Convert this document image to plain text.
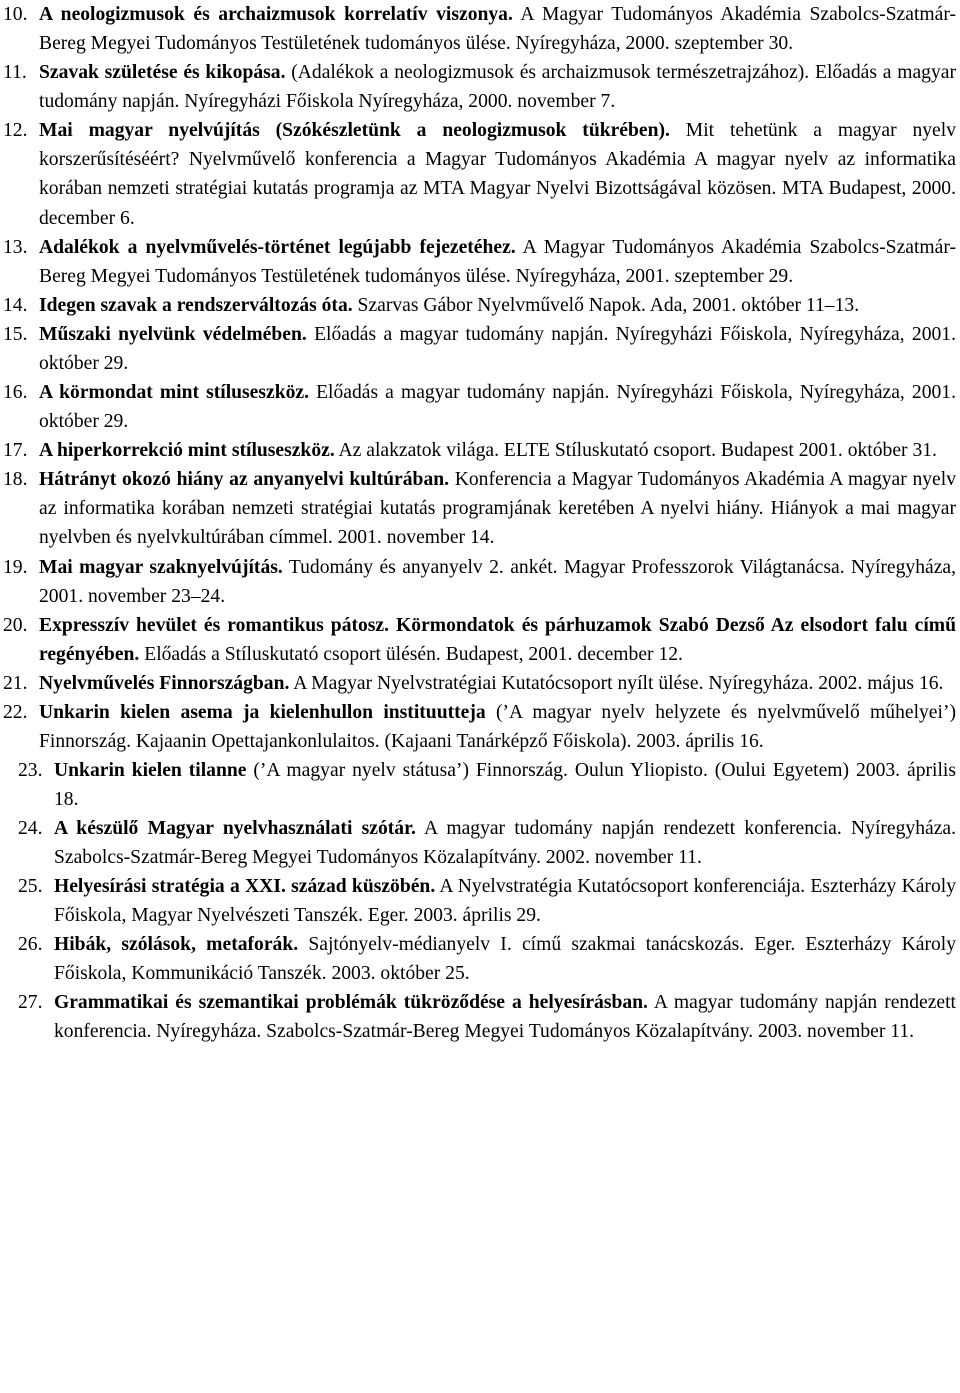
10. A neologizmusok és archaizmusok korrelatív viszonya. A Magyar Tudományos Akadémia Szabolcs-Szatmár-Bereg Megyei Tudományos Testületének tudományos ülése. Nyíregyháza, 2000. szeptember 30.
11. Szavak születése és kikopása. (Adalékok a neologizmusok és archaizmusok természetrajzához). Előadás a magyar tudomány napján. Nyíregyházi Főiskola Nyíregyháza, 2000. november 7.
12. Mai magyar nyelvújítás (Szókészletünk a neologizmusok tükrében). Mit tehetünk a magyar nyelv korszerűsítéséért? Nyelvművelő konferencia a Magyar Tudományos Akadémia A magyar nyelv az informatika korában nemzeti stratégiai kutatás programja az MTA Magyar Nyelvi Bizottságával közösen. MTA Budapest, 2000. december 6.
13. Adalékok a nyelvművelés-történet legújabb fejezetéhez. A Magyar Tudományos Akadémia Szabolcs-Szatmár-Bereg Megyei Tudományos Testületének tudományos ülése. Nyíregyháza, 2001. szeptember 29.
14. Idegen szavak a rendszerváltozás óta. Szarvas Gábor Nyelvművelő Napok. Ada, 2001. október 11–13.
15. Műszaki nyelvünk védelmében. Előadás a magyar tudomány napján. Nyíregyházi Főiskola, Nyíregyháza, 2001. október 29.
16. A körmondat mint stíluseszköz. Előadás a magyar tudomány napján. Nyíregyházi Főiskola, Nyíregyháza, 2001. október 29.
17. A hiperkorrekció mint stíluseszköz. Az alakzatok világa. ELTE Stíluskutató csoport. Budapest 2001. október 31.
18. Hátrányt okozó hiány az anyanyelvi kultúrában. Konferencia a Magyar Tudományos Akadémia A magyar nyelv az informatika korában nemzeti stratégiai kutatás programjának keretében A nyelvi hiány. Hiányok a mai magyar nyelvben és nyelvkultúrában címmel. 2001. november 14.
19. Mai magyar szaknyelvújítás. Tudomány és anyanyelv 2. ankét. Magyar Professzorok Világtanácsa. Nyíregyháza, 2001. november 23–24.
20. Expresszív hevület és romantikus pátosz. Körmondatok és párhuzamok Szabó Dezső Az elsodort falu című regényében. Előadás a Stíluskutató csoport ülésén. Budapest, 2001. december 12.
21. Nyelvművelés Finnországban. A Magyar Nyelvstratégiai Kutatócsoport nyílt ülése. Nyíregyháza. 2002. május 16.
22. Unkarin kielen asema ja kielenhullon instituutteja (’A magyar nyelv helyzete és nyelvművelő műhelyei’) Finnország. Kajaanin Opettajankonlulaitos. (Kajaani Tanárképző Főiskola). 2003. április 16.
23. Unkarin kielen tilanne (’A magyar nyelv státusa’) Finnország. Oulun Yliopisto. (Oului Egyetem) 2003. április 18.
24. A készülő Magyar nyelvhasználati szótár. A magyar tudomány napján rendezett konferencia. Nyíregyháza. Szabolcs-Szatmár-Bereg Megyei Tudományos Közalapítvány. 2002. november 11.
25. Helyesírási stratégia a XXI. század küszöbén. A Nyelvstratégia Kutatócsoport konferenciája. Eszterházy Károly Főiskola, Magyar Nyelvészeti Tanszék. Eger. 2003. április 29.
26. Hibák, szólások, metaforák. Sajtónyelv-médianyelv I. című szakmai tanácskozás. Eger. Eszterházy Károly Főiskola, Kommunikáció Tanszék. 2003. október 25.
27. Grammatikai és szemantikai problémák tükröződése a helyesírásban. A magyar tudomány napján rendezett konferencia. Nyíregyháza. Szabolcs-Szatmár-Bereg Megyei Tudományos Közalapítvány. 2003. november 11.
